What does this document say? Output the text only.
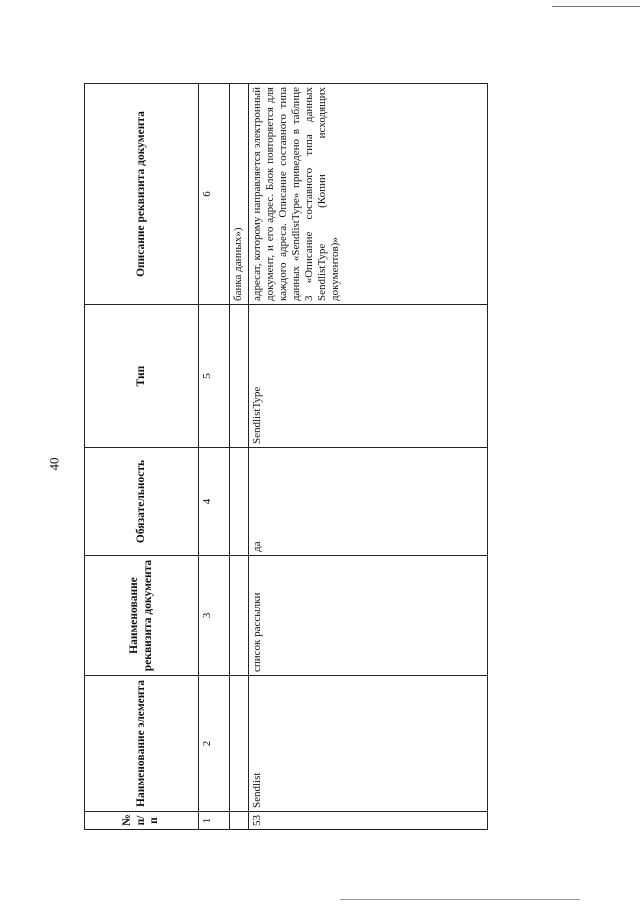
40
№ п/п	Наименование элемента	Наименование реквизита документа	Обязательность	Тип	Описание реквизита документа
1	2	3	4	5	6
					банка данных»)
53	Sendlist	список рассылки	да	SendlistType	адресат, которому направляется электронный документ, и его адрес. Блок повторяется для каждого адреса. Описание составного типа данных «SendlistType» приведено в таблице 3 «Описание составного типа данных SendlistType (Копии исходящих документов)»
